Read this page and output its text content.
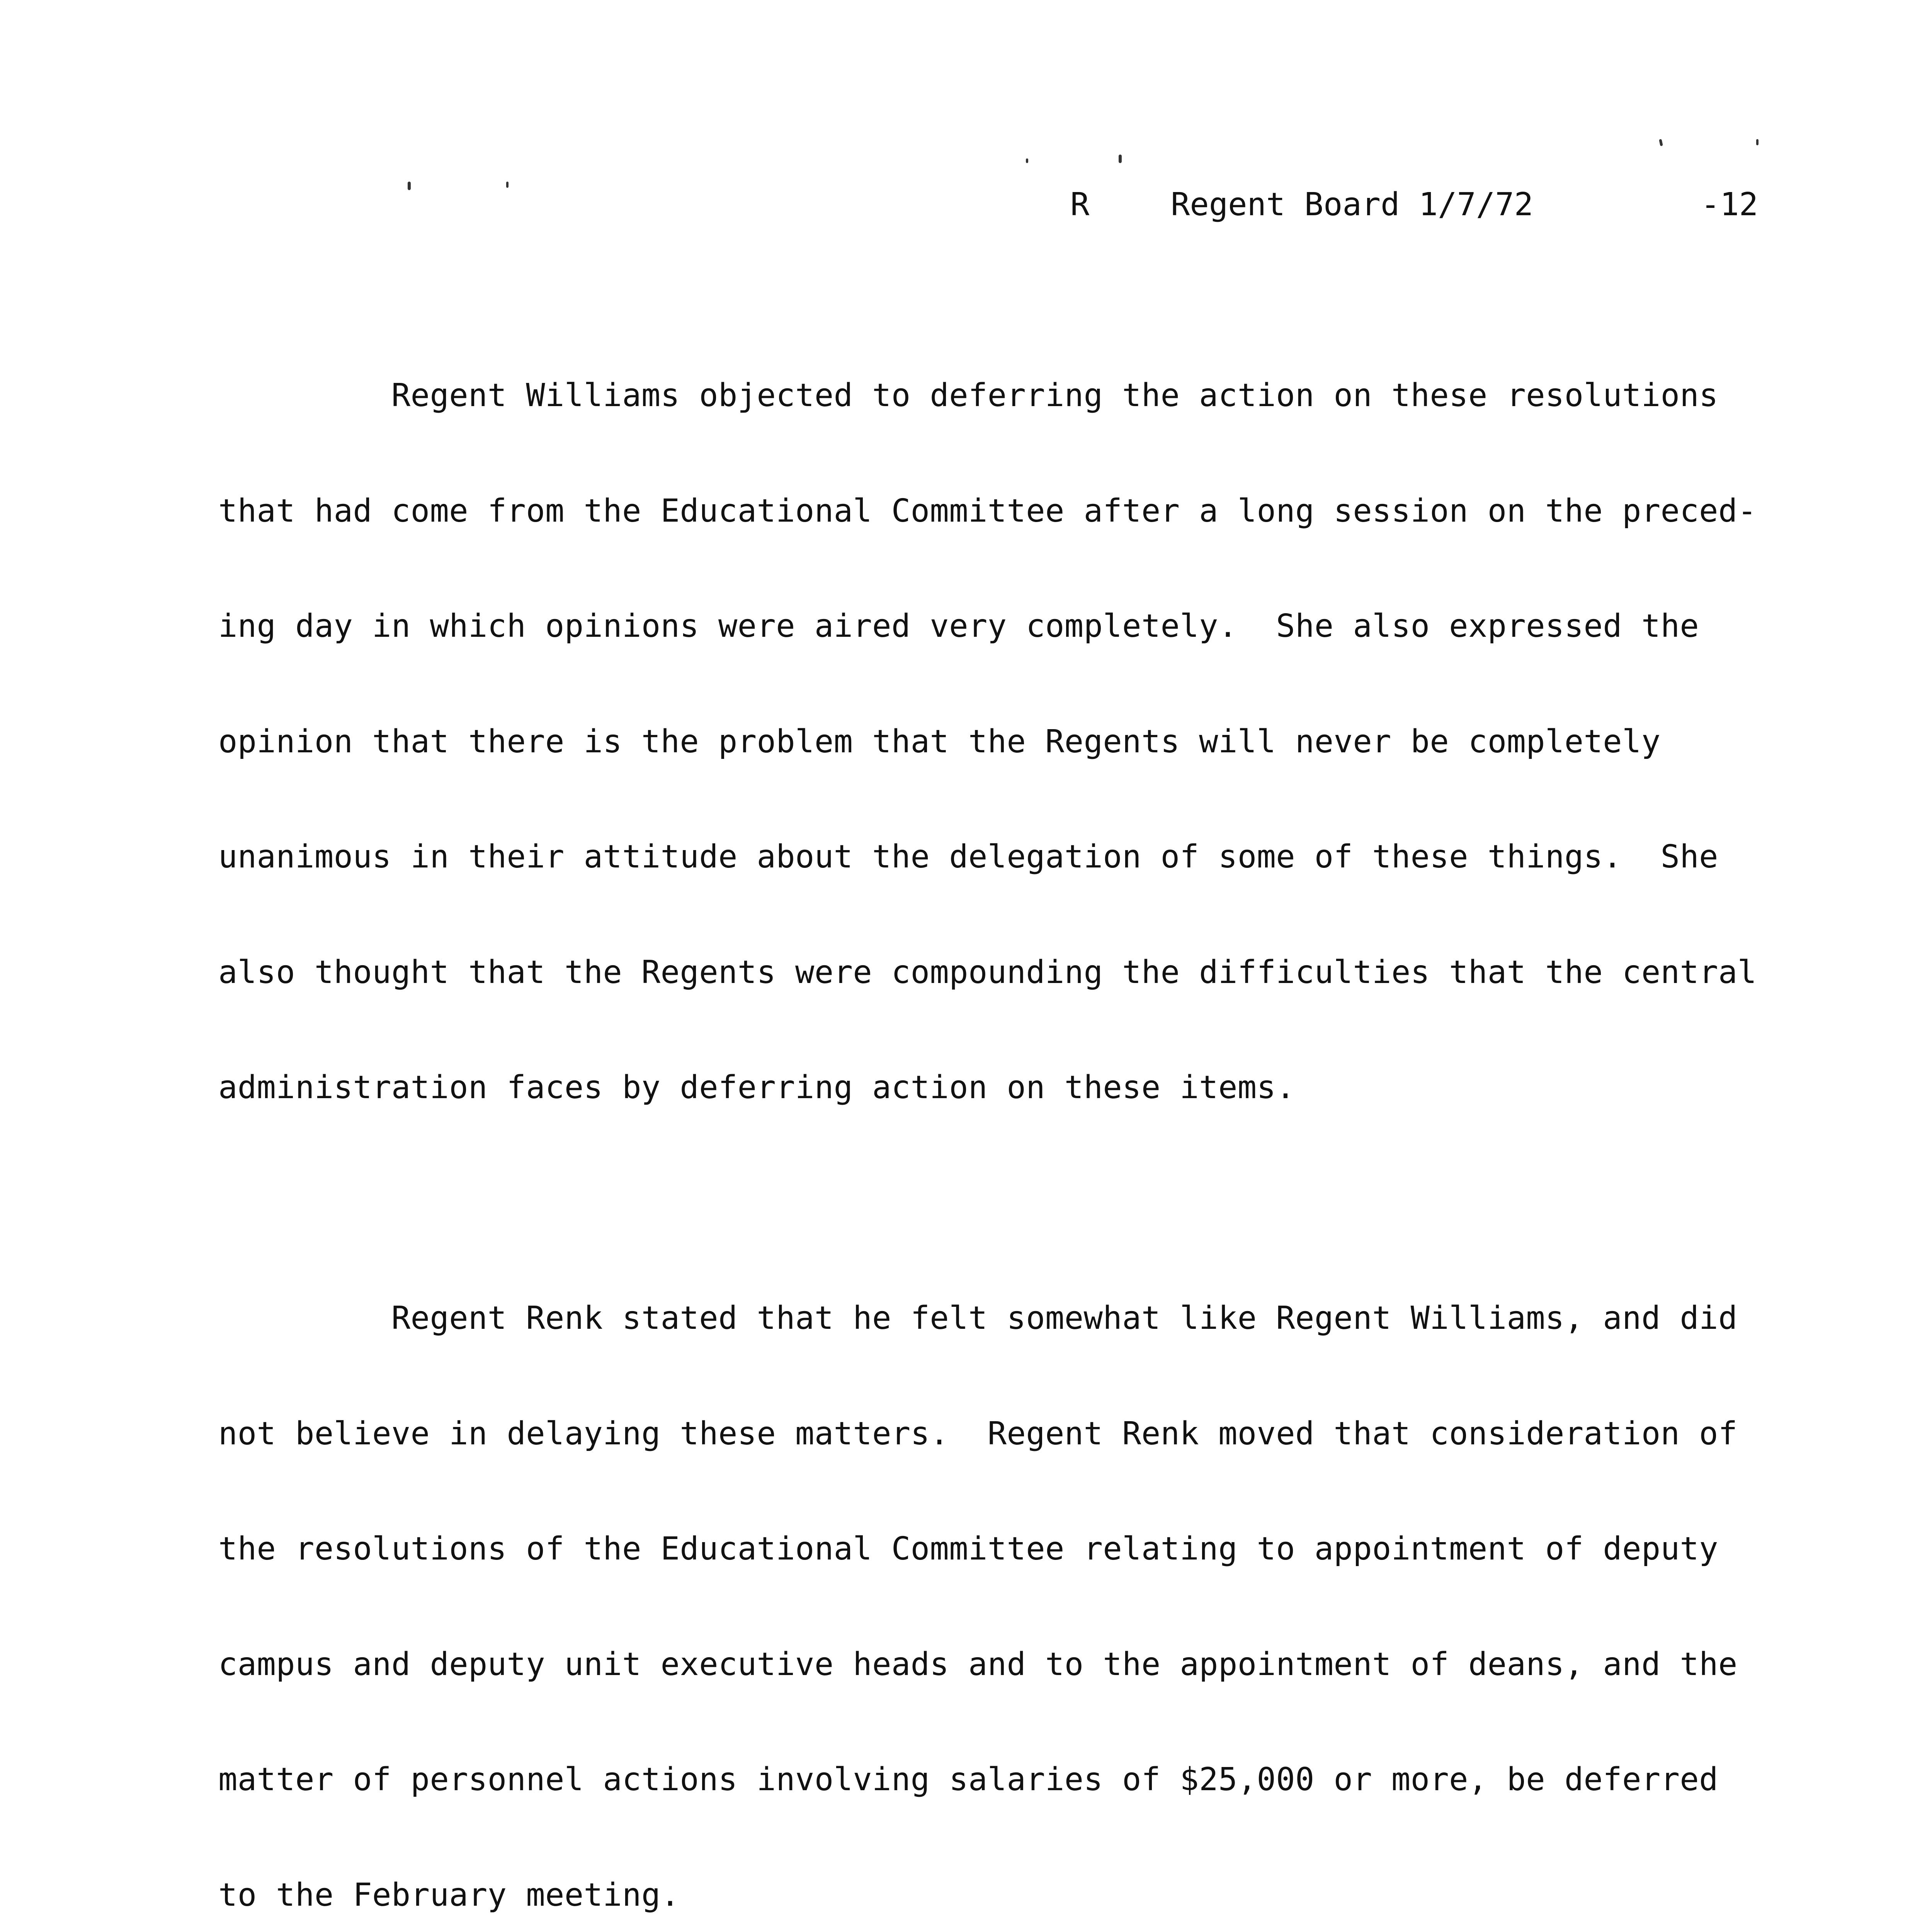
R	Regent Board 1/7/72	-12

Regent Williams objected to deferring the action on these resolutions

that had come from the Educational Committee after a long session on the preced-

ing day in which opinions were aired very completely.  She also expressed the

opinion that there is the problem that the Regents will never be completely

unanimous in their attitude about the delegation of some of these things.  She

also thought that the Regents were compounding the difficulties that the central

administration faces by deferring action on these items.

Regent Renk stated that he felt somewhat like Regent Williams, and did

not believe in delaying these matters.  Regent Renk moved that consideration of

the resolutions of the Educational Committee relating to appointment of deputy

campus and deputy unit executive heads and to the appointment of deans, and the

matter of personnel actions involving salaries of $25,000 or more, be deferred

to the February meeting.
